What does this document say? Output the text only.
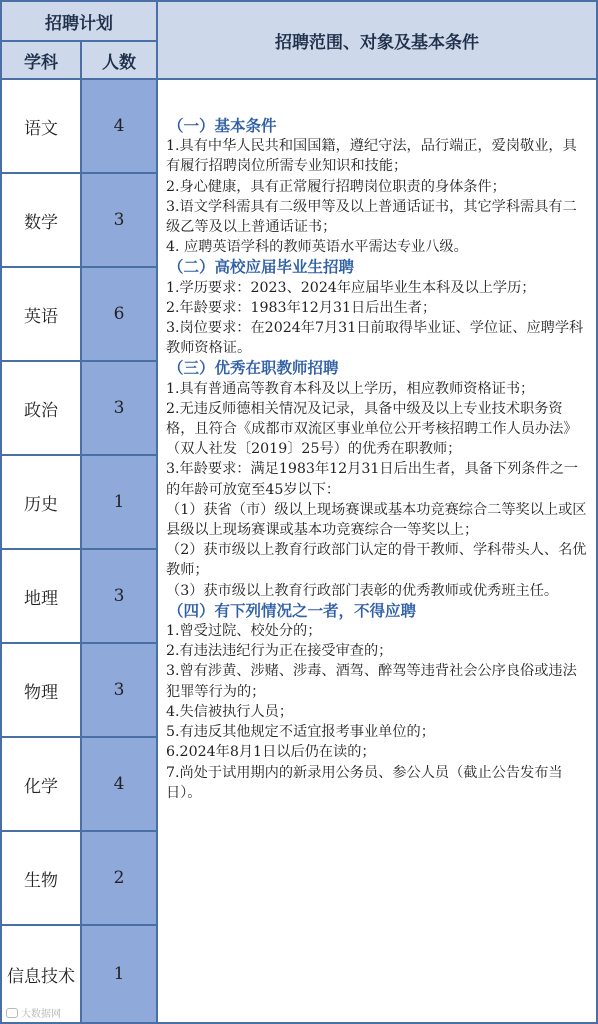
招聘计划
学科	人数
招聘范围、对象及基本条件
语文	4
数学	3
英语	6
政治	3
历史	1
地理	3
物理	3
化学	4
生物	2
信息技术	1

（一）基本条件

1.具有中华人民共和国国籍，遵纪守法，品行端正，爱岗敬业，具有履行招聘岗位所需专业知识和技能；

2.身心健康，具有正常履行招聘岗位职责的身体条件；

3.语文学科需具有二级甲等及以上普通话证书，其它学科需具有二级乙等及以上普通话证书；

4. 应聘英语学科的教师英语水平需达专业八级。

（二）高校应届毕业生招聘

1.学历要求：2023、2024年应届毕业生本科及以上学历；

2.年龄要求：1983年12月31日后出生者；

3.岗位要求：在2024年7月31日前取得毕业证、学位证、应聘学科教师资格证。

（三）优秀在职教师招聘

1.具有普通高等教育本科及以上学历，相应教师资格证书；

2.无违反师德相关情况及记录，具备中级及以上专业技术职务资格，且符合《成都市双流区事业单位公开考核招聘工作人员办法》（双人社发〔2019〕25号）的优秀在职教师；

3.年龄要求：满足1983年12月31日后出生者，具备下列条件之一的年龄可放宽至45岁以下：

（1）获省（市）级以上现场赛课或基本功竞赛综合二等奖以上或区县级以上现场赛课或基本功竞赛综合一等奖以上；

（2）获市级以上教育行政部门认定的骨干教师、学科带头人、名优教师；

（3）获市级以上教育行政部门表彰的优秀教师或优秀班主任。

（四）有下列情况之一者，不得应聘

1.曾受过院、校处分的；

2.有违法违纪行为正在接受审查的；

3.曾有涉黄、涉赌、涉毒、酒驾、醉驾等违背社会公序良俗或违法犯罪等行为的；

4.失信被执行人员；

5.有违反其他规定不适宜报考事业单位的；

6.2024年8月1日以后仍在读的；

7.尚处于试用期内的新录用公务员、参公人员（截止公告发布当日）。

大数据网
